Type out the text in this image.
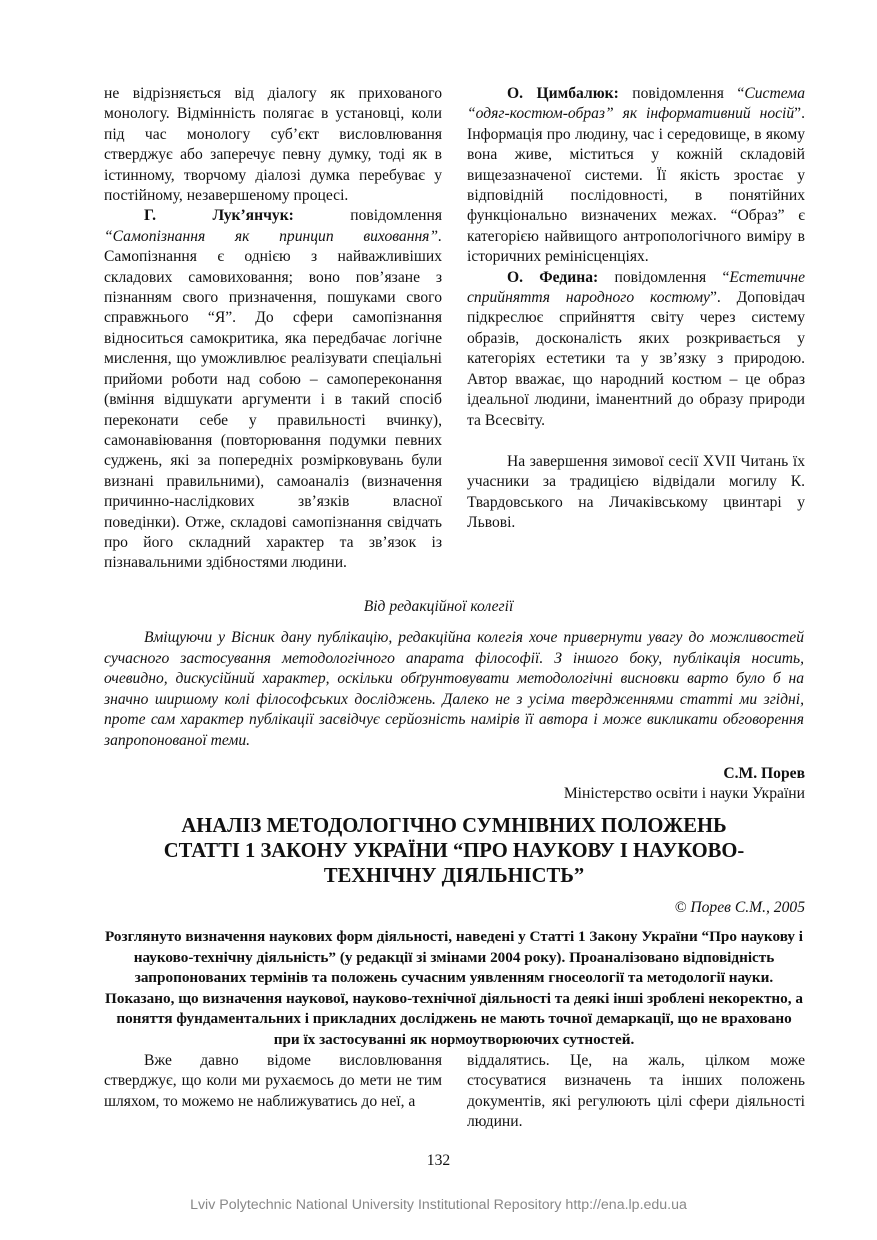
не відрізняється від діалогу як прихованого монологу. Відмінність полягає в установці, коли під час монологу суб’єкт висловлювання стверджує або заперечує певну думку, тоді як в істинному, творчому діалозі думка перебуває у постійному, незавершеному процесі.

Г. Лук’янчук: повідомлення “Самопізнання як принцип виховання”. Самопізнання є однією з найважливіших складових самовиховання; воно пов’язане з пізнанням свого призначення, пошуками свого справжнього “Я”. До сфери самопізнання відноситься самокритика, яка передбачає логічне мислення, що уможливлює реалізувати спеціальні прийоми роботи над собою – самопереконання (вміння відшукати аргументи і в такий спосіб переконати себе у правильності вчинку), самонавіювання (повторювання подумки певних суджень, які за попередніх розмірковувань були визнані правильними), самоаналіз (визначення причинно-наслідкових зв’язків власної поведінки). Отже, складові самопізнання свідчать про його складний характер та зв’язок із пізнавальними здібностями людини.

О. Цимбалюк: повідомлення “Система “одяг-костюм-образ” як інформативний носій”. Інформація про людину, час і середовище, в якому вона живе, міститься у кожній складовій вищезазначеної системи. Її якість зростає у відповідній послідовності, в понятійних функціонально визначених межах. “Образ” є категорією найвищого антропологічного виміру в історичних ремінісценціях.

О. Федина: повідомлення “Естетичне сприйняття народного костюму”. Доповідач підкреслює сприйняття світу через систему образів, досконалість яких розкривається у категоріях естетики та у зв’язку з природою. Автор вважає, що народний костюм – це образ ідеальної людини, іманентний до образу природи та Всесвіту.

На завершення зимової сесії XVII Читань їх учасники за традицією відвідали могилу К. Твардовського на Личаківському цвинтарі у Львові.

Від редакційної колегії

Вміщуючи у Вісник дану публікацію, редакційна колегія хоче привернути увагу до можливостей сучасного застосування методологічного апарата філософії. З іншого боку, публікація носить, очевидно, дискусійний характер, оскільки обґрунтовувати методологічні висновки варто було б на значно ширшому колі філософських досліджень. Далеко не з усіма твердженнями статті ми згідні, проте сам характер публікації засвідчує серйозність намірів її автора і може викликати обговорення запропонованої теми.

С.М. Порев
Міністерство освіти і науки України
АНАЛІЗ МЕТОДОЛОГІЧНО СУМНІВНИХ ПОЛОЖЕНЬ
СТАТТІ 1 ЗАКОНУ УКРАЇНИ “ПРО НАУКОВУ І НАУКОВО-
ТЕХНІЧНУ ДІЯЛЬНІСТЬ”
© Порев С.М., 2005

Розглянуто визначення наукових форм діяльності, наведені у Статті 1 Закону України “Про наукову і науково-технічну діяльність” (у редакції зі змінами 2004 року). Проаналізовано відповідність запропонованих термінів та положень сучасним уявленням гносеології та методології науки. Показано, що визначення наукової, науково-технічної діяльності та деякі інші зроблені некоректно, а поняття фундаментальних і прикладних досліджень не мають точної демаркації, що не враховано при їх застосуванні як нормоутворюючих сутностей.

Вже давно відоме висловлювання стверджує, що коли ми рухаємось до мети не тим шляхом, то можемо не наближуватись до неї, а

віддалятись. Це, на жаль, цілком може стосуватися визначень та інших положень документів, які регулюють цілі сфери діяльності людини.

132
Lviv Polytechnic National University Institutional Repository http://ena.lp.edu.ua
